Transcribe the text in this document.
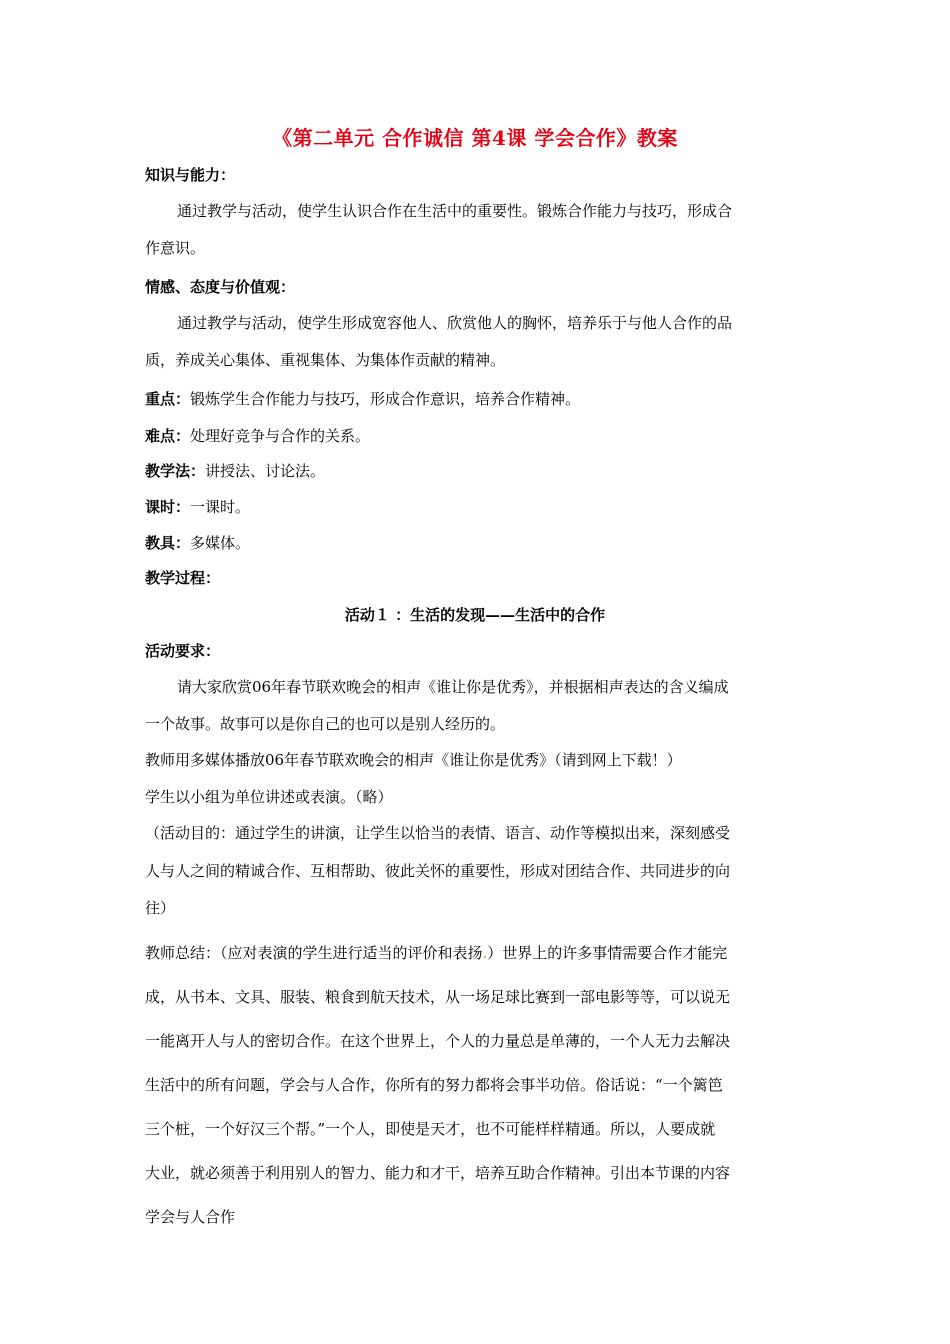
《第二单元 合作诚信 第4课 学会合作》教案
知识与能力：
通过教学与活动，使学生认识合作在生活中的重要性。锻炼合作能力与技巧，形成合
作意识。
情感、态度与价值观：
通过教学与活动，使学生形成宽容他人、欣赏他人的胸怀，培养乐于与他人合作的品
质，养成关心集体、重视集体、为集体作贡献的精神。
重点：锻炼学生合作能力与技巧，形成合作意识，培养合作精神。
难点：处理好竞争与合作的关系。
教学法：讲授法、讨论法。
课时：一课时。
教具：多媒体。
教学过程：
活动１ ：生活的发现——生活中的合作
活动要求：
请大家欣赏06年春节联欢晚会的相声《谁让你是优秀》，并根据相声表达的含义编成
一个故事。故事可以是你自己的也可以是别人经历的。
教师用多媒体播放06年春节联欢晚会的相声《谁让你是优秀》（请到网上下载！）
学生以小组为单位讲述或表演。（略）
（活动目的：通过学生的讲演，让学生以恰当的表情、语言、动作等模拟出来，深刻感受
人与人之间的精诚合作、互相帮助、彼此关怀的重要性，形成对团结合作、共同进步的向
往）
教师总结：（应对表演的学生进行适当的评价和表扬.）世界上的许多事情需要合作才能完
成，从书本、文具、服装、粮食到航天技术，从一场足球比赛到一部电影等等，可以说无
一能离开人与人的密切合作。在这个世界上，个人的力量总是单薄的，一个人无力去解决
生活中的所有问题，学会与人合作，你所有的努力都将会事半功倍。俗话说：“一个篱笆
三个桩，一个好汉三个帮。”一个人，即使是天才，也不可能样样精通。所以，人要成就
大业，就必须善于利用别人的智力、能力和才干，培养互助合作精神。引出本节课的内容
学会与人合作
